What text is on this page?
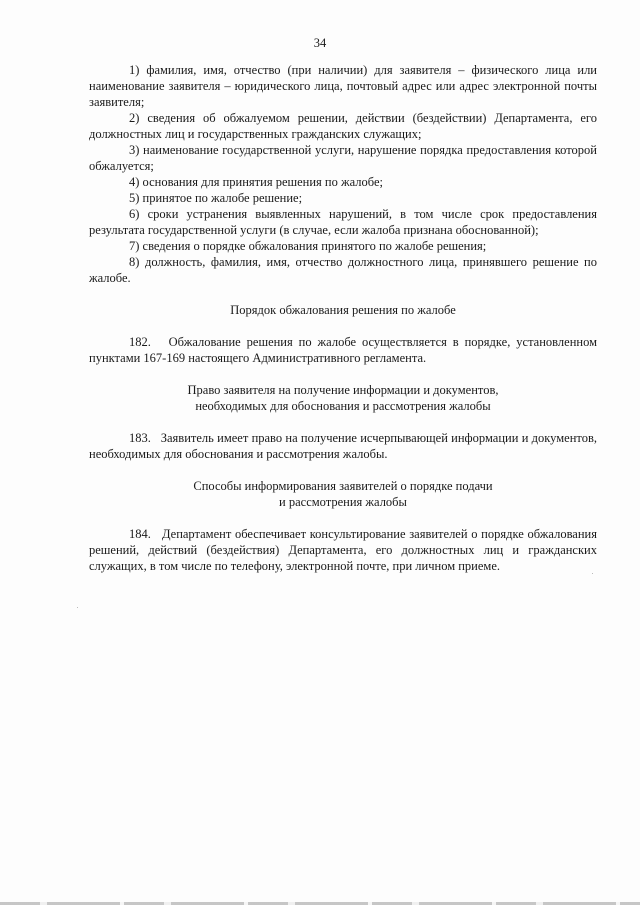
34

1) фамилия, имя, отчество (при наличии) для заявителя – физического лица или наименование заявителя – юридического лица, почтовый адрес или адрес электронной почты заявителя;

2) сведения об обжалуемом решении, действии (бездействии) Департамента, его должностных лиц и государственных гражданских служащих;

3) наименование государственной услуги, нарушение порядка предоставления которой обжалуется;

4) основания для принятия решения по жалобе;

5) принятое по жалобе решение;

6) сроки устранения выявленных нарушений, в том числе срок предоставления результата государственной услуги (в случае, если жалоба признана обоснованной);

7) сведения о порядке обжалования принятого по жалобе решения;

8) должность, фамилия, имя, отчество должностного лица, принявшего решение по жалобе.

Порядок обжалования решения по жалобе

182.   Обжалование решения по жалобе осуществляется в порядке, установленном пунктами 167-169 настоящего Административного регламента.

Право заявителя на получение информации и документов,
необходимых для обоснования и рассмотрения жалобы

183.   Заявитель имеет право на получение исчерпывающей информации и документов, необходимых для обоснования и рассмотрения жалобы.

Способы информирования заявителей о порядке подачи
и рассмотрения жалобы

184.   Департамент обеспечивает консультирование заявителей о порядке обжалования решений, действий (бездействия) Департамента, его должностных лиц и гражданских служащих, в том числе по телефону, электронной почте, при личном приеме.
